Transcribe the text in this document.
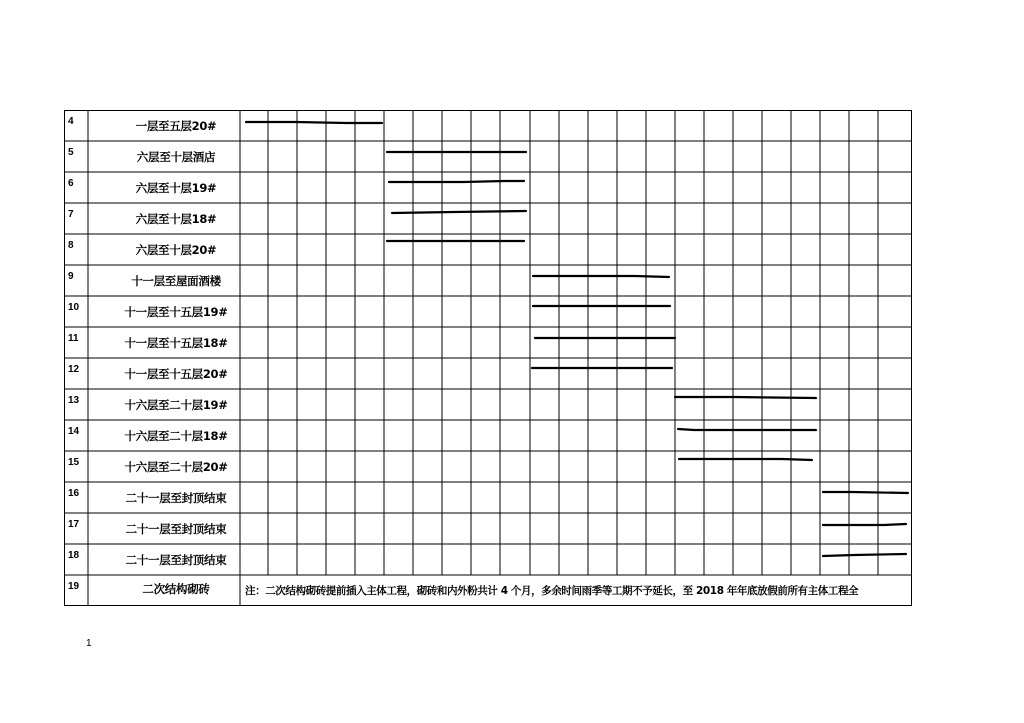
4	一层至五层20#
5	六层至十层酒店
6	六层至十层19#
7	六层至十层18#
8	六层至十层20#
9	十一层至屋面酒楼
10	十一层至十五层19#
11	十一层至十五层18#
12	十一层至十五层20#
13	十六层至二十层19#
14	十六层至二十层18#
15	十六层至二十层20#
16	二十一层至封顶结束
17	二十一层至封顶结束
18	二十一层至封顶结束
19	二次结构砌砖	注：二次结构砌砖提前插入主体工程，砌砖和内外粉共计 4 个月，多余时间雨季等工期不予延长，至 2018 年年底放假前所有主体工程全
1
